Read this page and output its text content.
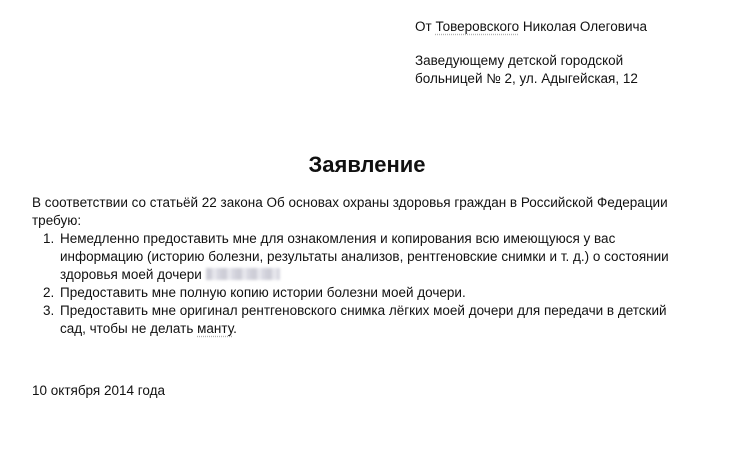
От Товеровского Николая Олеговича
Заведующему детской городской
больницей № 2, ул. Адыгейская, 12
Заявление
В соответствии со статьёй 22 закона Об основах охраны здоровья граждан в Российской Федерации требую:
1. Немедленно предоставить мне для ознакомления и копирования всю имеющуюся у вас информацию (историю болезни, результаты анализов, рентгеновские снимки и т. д.) о состоянии здоровья моей дочери
2. Предоставить мне полную копию истории болезни моей дочери.
3. Предоставить мне оригинал рентгеновского снимка лёгких моей дочери для передачи в детский сад, чтобы не делать манту.
10 октября 2014 года
